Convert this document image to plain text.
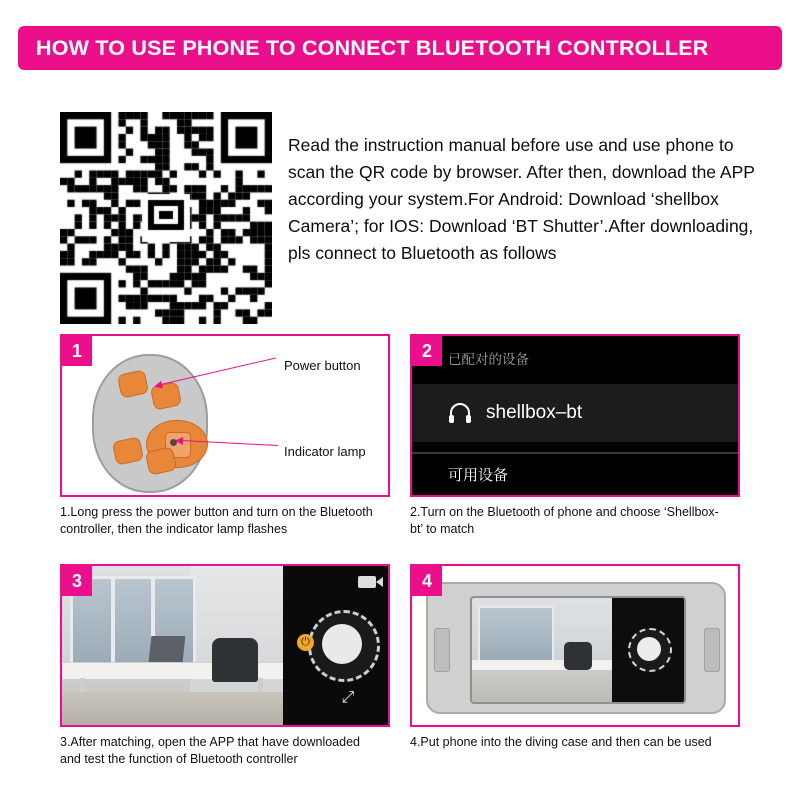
HOW TO USE PHONE TO CONNECT BLUETOOTH CONTROLLER
Read the instruction manual before use and use phone to scan the QR code by browser. After then, download the APP according your system.For Android: Download ‘shellbox Camera’; for IOS: Download ‘BT Shutter’.After downloading, pls connect to Bluetooth as follows
1
Power button
Indicator lamp
1.Long press the power button and turn on the Bluetooth controller, then the indicator lamp flashes
2	已配对的设备
shellbox–bt
可用设备
2.Turn on the Bluetooth of phone and choose ‘Shellbox-bt’ to match
3
⏻
⤢
3.After matching, open the APP that have downloaded and test the function of Bluetooth controller
4
4.Put phone into the diving case and then can be used
